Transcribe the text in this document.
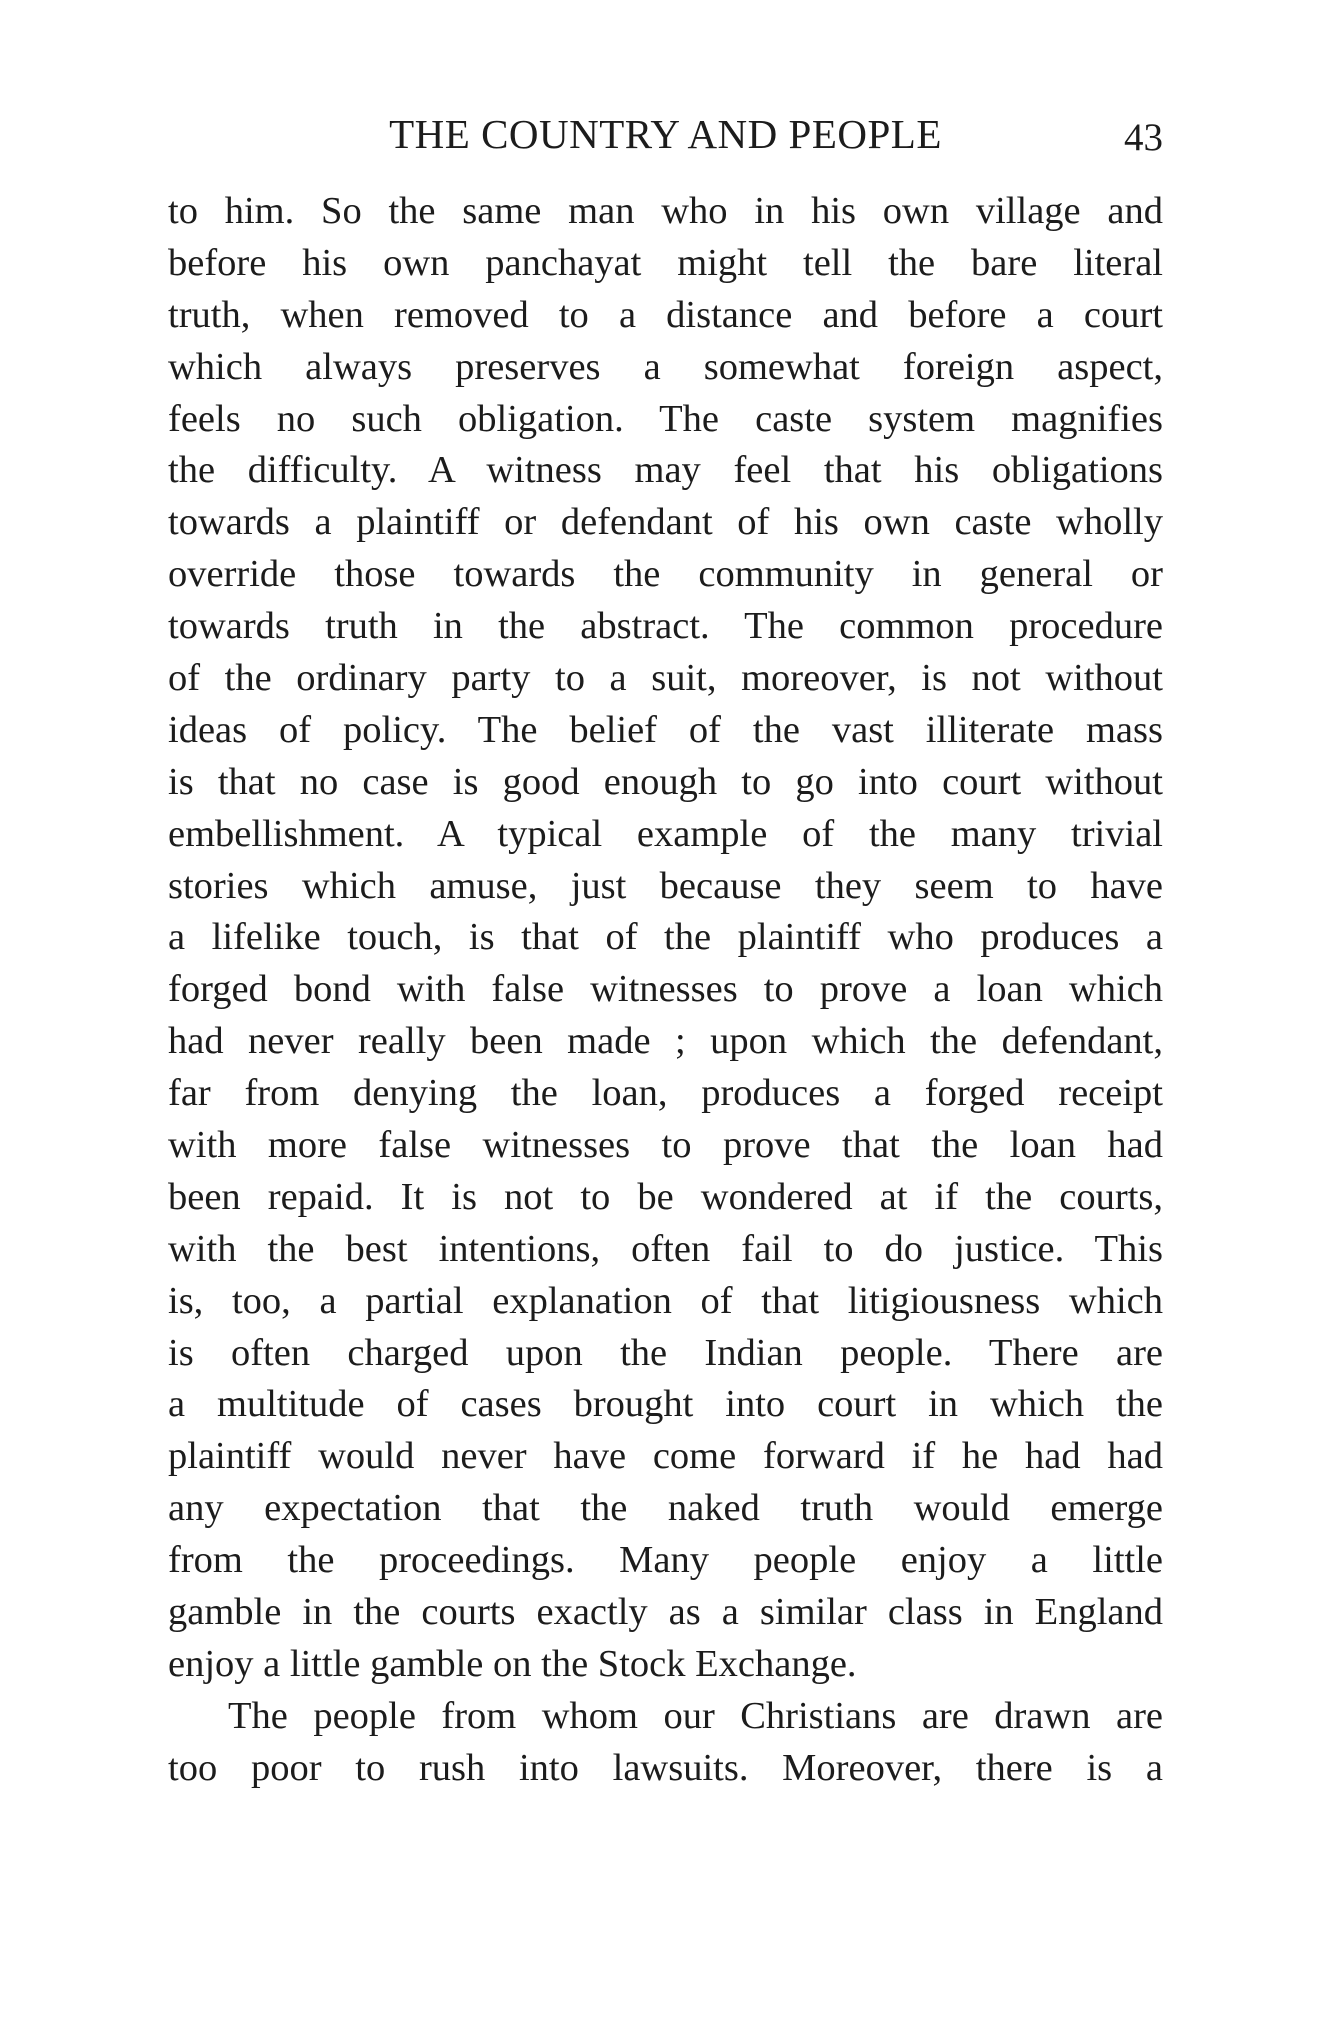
THE COUNTRY AND PEOPLE	43
to him. So the same man who in his own village and
before his own panchayat might tell the bare literal
truth, when removed to a distance and before a court
which always preserves a somewhat foreign aspect,
feels no such obligation. The caste system magnifies
the difficulty. A witness may feel that his obligations
towards a plaintiff or defendant of his own caste wholly
override those towards the community in general or
towards truth in the abstract. The common procedure
of the ordinary party to a suit, moreover, is not without
ideas of policy. The belief of the vast illiterate mass
is that no case is good enough to go into court without
embellishment. A typical example of the many trivial
stories which amuse, just because they seem to have
a lifelike touch, is that of the plaintiff who produces a
forged bond with false witnesses to prove a loan which
had never really been made ; upon which the defendant,
far from denying the loan, produces a forged receipt
with more false witnesses to prove that the loan had
been repaid. It is not to be wondered at if the courts,
with the best intentions, often fail to do justice. This
is, too, a partial explanation of that litigiousness which
is often charged upon the Indian people. There are
a multitude of cases brought into court in which the
plaintiff would never have come forward if he had had
any expectation that the naked truth would emerge
from the proceedings. Many people enjoy a little
gamble in the courts exactly as a similar class in England
enjoy a little gamble on the Stock Exchange.
The people from whom our Christians are drawn are
too poor to rush into lawsuits. Moreover, there is a
